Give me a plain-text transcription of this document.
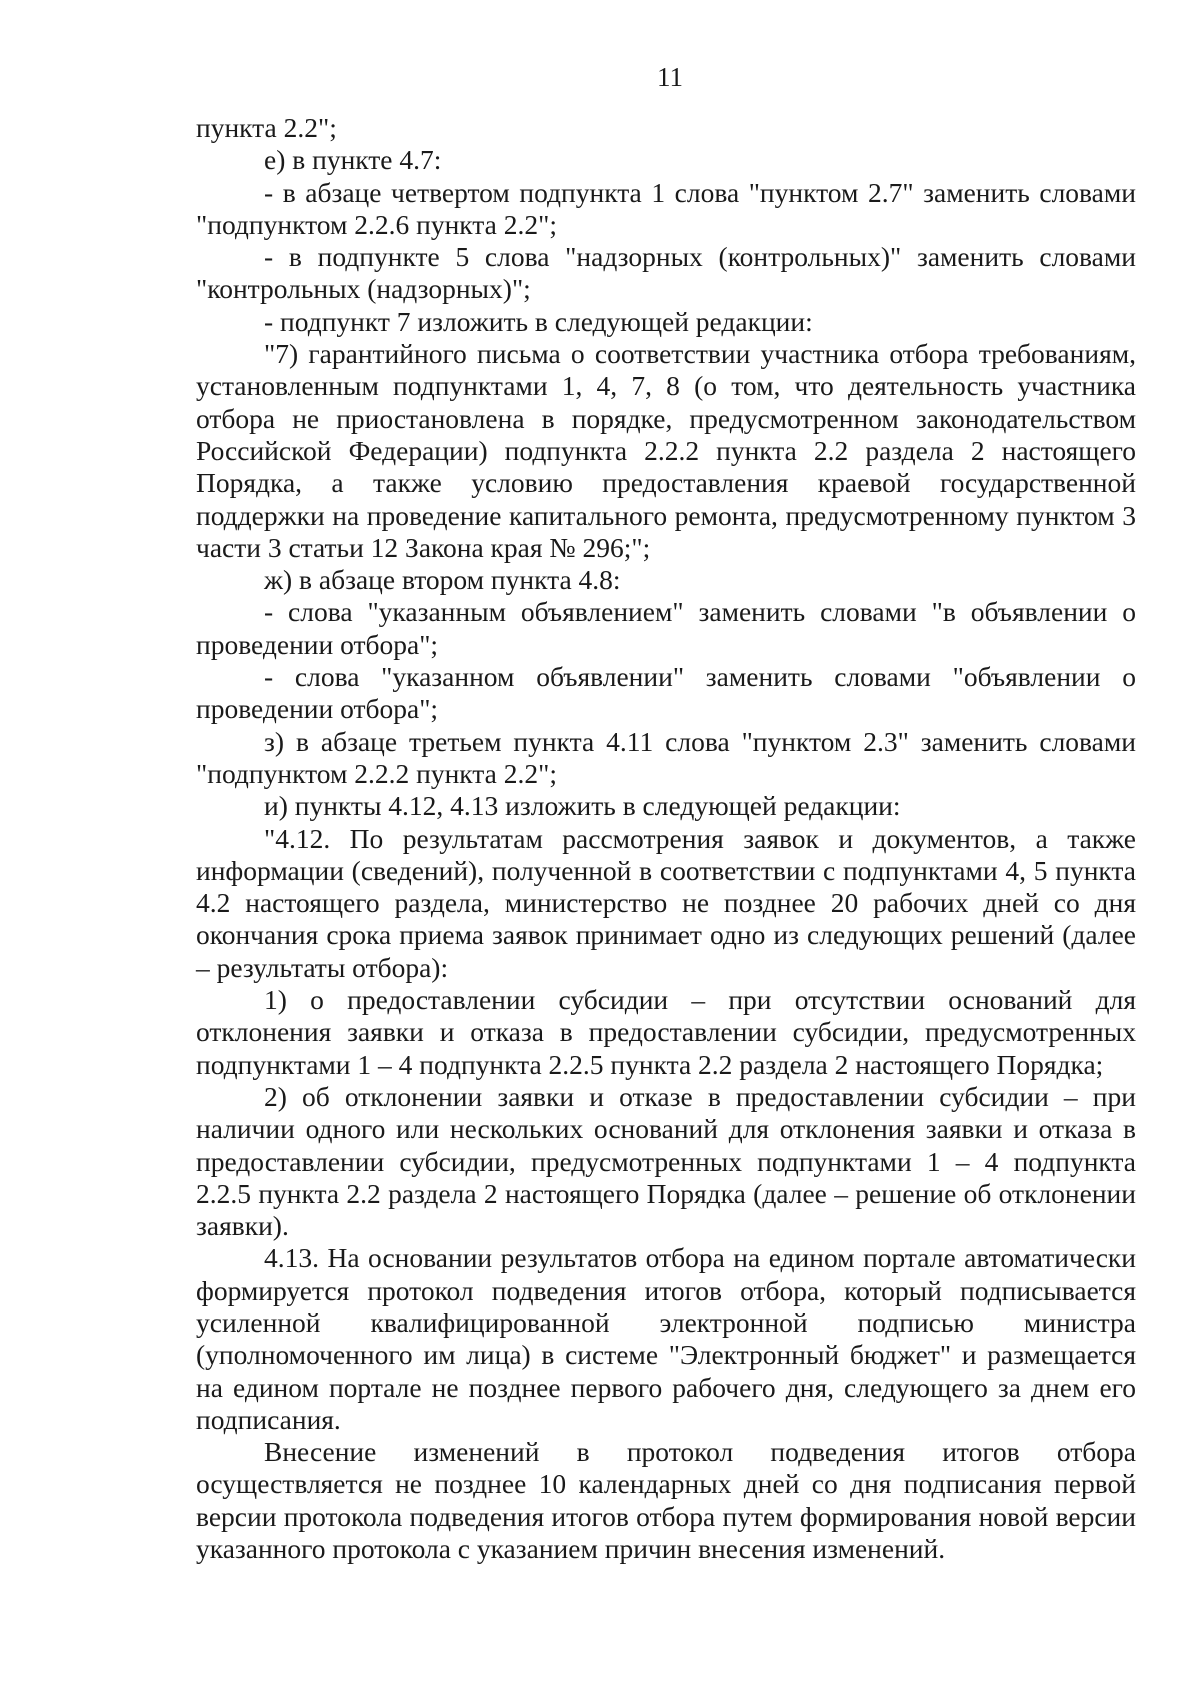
11

пункта 2.2";

е) в пункте 4.7:

- в абзаце четвертом подпункта 1 слова "пунктом 2.7" заменить словами "подпунктом 2.2.6 пункта 2.2";

- в подпункте 5 слова "надзорных (контрольных)" заменить словами "контрольных (надзорных)";

- подпункт 7 изложить в следующей редакции:

"7) гарантийного письма о соответствии участника отбора требованиям, установленным подпунктами 1, 4, 7, 8 (о том, что деятельность участника отбора не приостановлена в порядке, предусмотренном законодательством Российской Федерации) подпункта 2.2.2 пункта 2.2 раздела 2 настоящего Порядка, а также условию предоставления краевой государственной поддержки на проведение капитального ремонта, предусмотренному пунктом 3 части 3 статьи 12 Закона края № 296;";

ж) в абзаце втором пункта 4.8:

- слова "указанным объявлением" заменить словами "в объявлении о проведении отбора";

- слова "указанном объявлении" заменить словами "объявлении о проведении отбора";

з) в абзаце третьем пункта 4.11 слова "пунктом 2.3" заменить словами "подпунктом 2.2.2 пункта 2.2";

и) пункты 4.12, 4.13 изложить в следующей редакции:

"4.12. По результатам рассмотрения заявок и документов, а также информации (сведений), полученной в соответствии с подпунктами 4, 5 пункта 4.2 настоящего раздела, министерство не позднее 20 рабочих дней со дня окончания срока приема заявок принимает одно из следующих решений (далее – результаты отбора):

1) о предоставлении субсидии – при отсутствии оснований для отклонения заявки и отказа в предоставлении субсидии, предусмотренных подпунктами 1 – 4 подпункта 2.2.5 пункта 2.2 раздела 2 настоящего Порядка;

2) об отклонении заявки и отказе в предоставлении субсидии – при наличии одного или нескольких оснований для отклонения заявки и отказа в предоставлении субсидии, предусмотренных подпунктами 1 – 4 подпункта 2.2.5 пункта 2.2 раздела 2 настоящего Порядка (далее – решение об отклонении заявки).

4.13. На основании результатов отбора на едином портале автоматически формируется протокол подведения итогов отбора, который подписывается усиленной квалифицированной электронной подписью министра (уполномоченного им лица) в системе "Электронный бюджет" и размещается на едином портале не позднее первого рабочего дня, следующего за днем его подписания.

Внесение изменений в протокол подведения итогов отбора осуществляется не позднее 10 календарных дней со дня подписания первой версии протокола подведения итогов отбора путем формирования новой версии указанного протокола с указанием причин внесения изменений.
